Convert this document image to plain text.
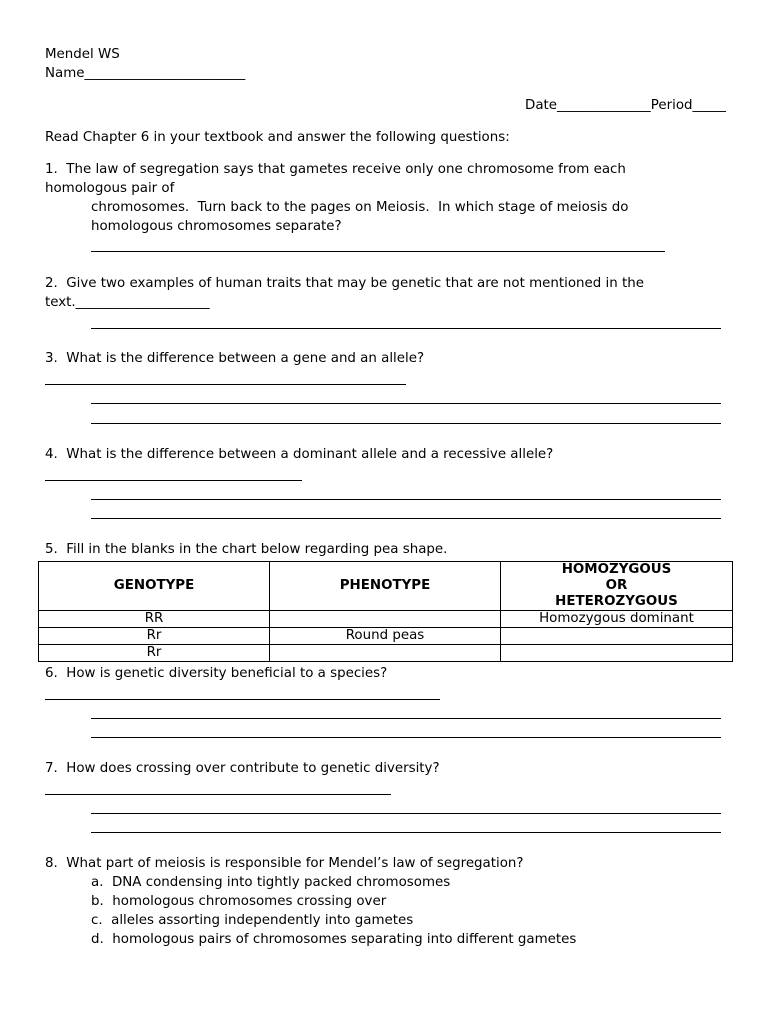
Mendel WS
Name________________________
Date______________Period_____
Read Chapter 6 in your textbook and answer the following questions:
1.  The law of segregation says that gametes receive only one chromosome from each
homologous pair of
chromosomes.  Turn back to the pages on Meiosis.  In which stage of meiosis do
homologous chromosomes separate?
2.  Give two examples of human traits that may be genetic that are not mentioned in the
text.____________________
3.  What is the difference between a gene and an allele?
4.  What is the difference between a dominant allele and a recessive allele?
5.  Fill in the blanks in the chart below regarding pea shape.
GENOTYPE	PHENOTYPE	HOMOZYGOUS OR HETEROZYGOUS
RR		Homozygous dominant
Rr	Round peas	
Rr		
6.  How is genetic diversity beneficial to a species?
7.  How does crossing over contribute to genetic diversity?
8.  What part of meiosis is responsible for Mendel’s law of segregation?
a.  DNA condensing into tightly packed chromosomes
b.  homologous chromosomes crossing over
c.  alleles assorting independently into gametes
d.  homologous pairs of chromosomes separating into different gametes
